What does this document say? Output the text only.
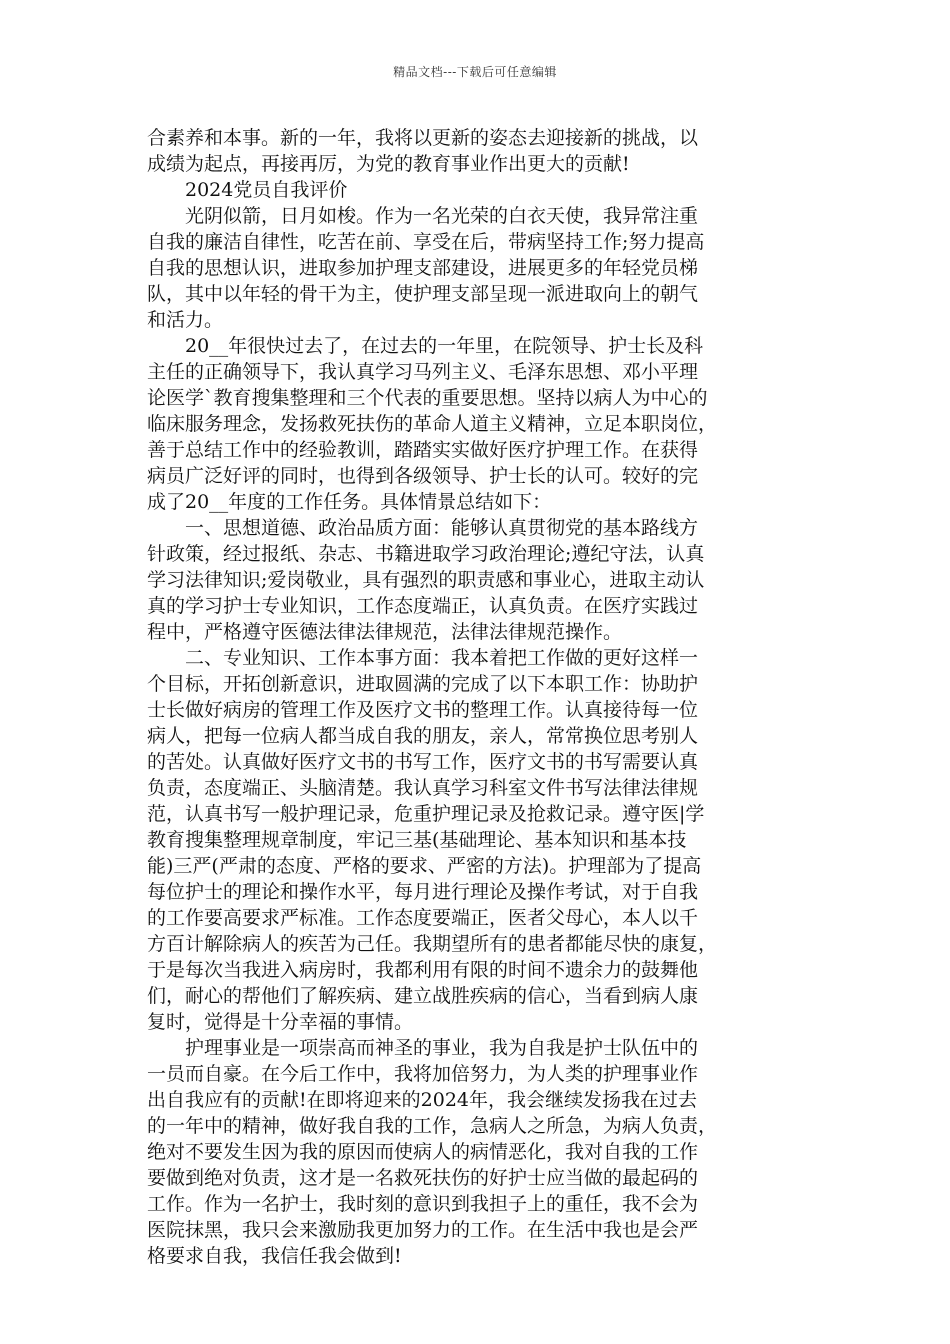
精品文档---下载后可任意编辑
合素养和本事。新的一年，我将以更新的姿态去迎接新的挑战，以
成绩为起点，再接再厉，为党的教育事业作出更大的贡献!
　　2024党员自我评价
　　光阴似箭，日月如梭。作为一名光荣的白衣天使，我异常注重
自我的廉洁自律性，吃苦在前、享受在后，带病坚持工作;努力提高
自我的思想认识，进取参加护理支部建设，进展更多的年轻党员梯
队，其中以年轻的骨干为主，使护理支部呈现一派进取向上的朝气
和活力。
　　20__年很快过去了，在过去的一年里，在院领导、护士长及科
主任的正确领导下，我认真学习马列主义、毛泽东思想、邓小平理
论医学`教育搜集整理和三个代表的重要思想。坚持以病人为中心的
临床服务理念，发扬救死扶伤的革命人道主义精神，立足本职岗位，
善于总结工作中的经验教训，踏踏实实做好医疗护理工作。在获得
病员广泛好评的同时，也得到各级领导、护士长的认可。较好的完
成了20__年度的工作任务。具体情景总结如下：
　　一、思想道德、政治品质方面：能够认真贯彻党的基本路线方
针政策，经过报纸、杂志、书籍进取学习政治理论;遵纪守法，认真
学习法律知识;爱岗敬业，具有强烈的职责感和事业心，进取主动认
真的学习护士专业知识，工作态度端正，认真负责。在医疗实践过
程中，严格遵守医德法律法律规范，法律法律规范操作。
　　二、专业知识、工作本事方面：我本着把工作做的更好这样一
个目标，开拓创新意识，进取圆满的完成了以下本职工作：协助护
士长做好病房的管理工作及医疗文书的整理工作。认真接待每一位
病人，把每一位病人都当成自我的朋友，亲人，常常换位思考别人
的苦处。认真做好医疗文书的书写工作，医疗文书的书写需要认真
负责，态度端正、头脑清楚。我认真学习科室文件书写法律法律规
范，认真书写一般护理记录，危重护理记录及抢救记录。遵守医|学
教育搜集整理规章制度，牢记三基(基础理论、基本知识和基本技
能)三严(严肃的态度、严格的要求、严密的方法)。护理部为了提高
每位护士的理论和操作水平，每月进行理论及操作考试，对于自我
的工作要高要求严标准。工作态度要端正，医者父母心，本人以千
方百计解除病人的疾苦为己任。我期望所有的患者都能尽快的康复，
于是每次当我进入病房时，我都利用有限的时间不遗余力的鼓舞他
们，耐心的帮他们了解疾病、建立战胜疾病的信心，当看到病人康
复时，觉得是十分幸福的事情。
　　护理事业是一项崇高而神圣的事业，我为自我是护士队伍中的
一员而自豪。在今后工作中，我将加倍努力，为人类的护理事业作
出自我应有的贡献!在即将迎来的2024年，我会继续发扬我在过去
的一年中的精神，做好我自我的工作，急病人之所急，为病人负责，
绝对不要发生因为我的原因而使病人的病情恶化，我对自我的工作
要做到绝对负责，这才是一名救死扶伤的好护士应当做的最起码的
工作。作为一名护士，我时刻的意识到我担子上的重任，我不会为
医院抹黑，我只会来激励我更加努力的工作。在生活中我也是会严
格要求自我，我信任我会做到!
